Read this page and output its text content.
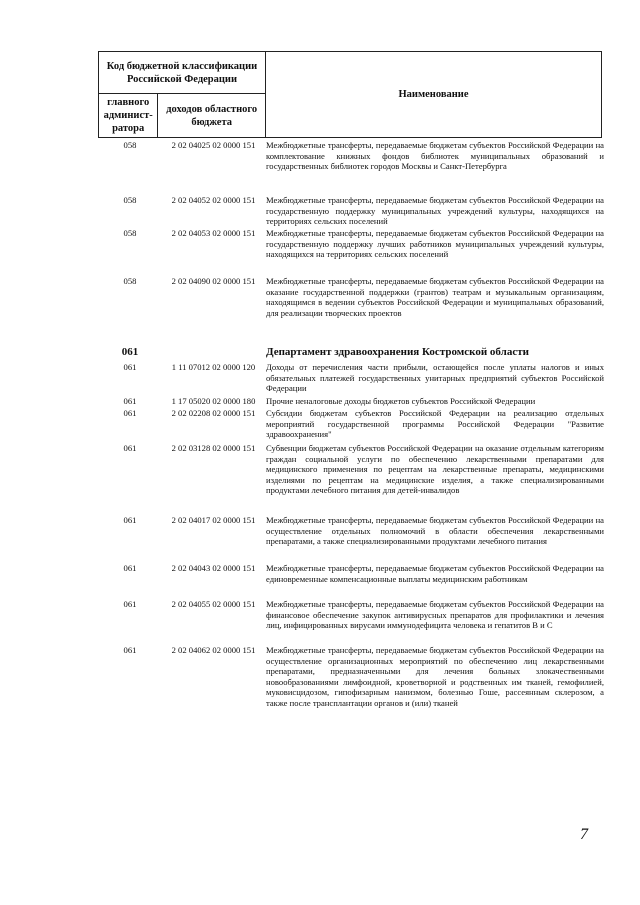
Код бюджетной классификации Российской Федерации		Наименование
главного админист-ратора	доходов областного бюджета	
058	2 02 04025 02 0000 151	Межбюджетные трансферты, передаваемые бюджетам субъектов Российской Федерации на комплектование книжных фондов библиотек муниципальных образований и государственных библиотек городов Москвы и Санкт-Петербурга
058	2 02 04052 02 0000 151	Межбюджетные трансферты, передаваемые бюджетам субъектов Российской Федерации на государственную поддержку муниципальных учреждений культуры, находящихся на территориях сельских поселений
058	2 02 04053 02 0000 151	Межбюджетные трансферты, передаваемые бюджетам субъектов Российской Федерации на государственную поддержку лучших работников муниципальных учреждений культуры, находящихся на территориях сельских поселений
058	2 02 04090 02 0000 151	Межбюджетные трансферты, передаваемые бюджетам субъектов Российской Федерации на оказание государственной поддержки (грантов) театрам и музыкальным организациям, находящимся в ведении субъектов Российской Федерации и муниципальных образований, для реализации творческих проектов
061	Департамент здравоохранения Костромской области
061	1 11 07012 02 0000 120	Доходы от перечисления части прибыли, остающейся после уплаты налогов и иных обязательных платежей государственных унитарных предприятий субъектов Российской Федерации
061	1 17 05020 02 0000 180	Прочие неналоговые доходы бюджетов субъектов Российской Федерации
061	2 02 02208 02 0000 151	Субсидии бюджетам субъектов Российской Федерации на реализацию отдельных мероприятий государственной программы Российской Федерации "Развитие здравоохранения"
061	2 02 03128 02 0000 151	Субвенции бюджетам субъектов Российской Федерации на оказание отдельным категориям граждан социальной услуги по обеспечению лекарственными препаратами для медицинского применения по рецептам на лекарственные препараты, медицинскими изделиями по рецептам на медицинские изделия, а также специализированными продуктами лечебного питания для детей-инвалидов
061	2 02 04017 02 0000 151	Межбюджетные трансферты, передаваемые бюджетам субъектов Российской Федерации на осуществление отдельных полномочий в области обеспечения лекарственными препаратами, а также специализированными продуктами лечебного питания
061	2 02 04043 02 0000 151	Межбюджетные трансферты, передаваемые бюджетам субъектов Российской Федерации на единовременные компенсационные выплаты медицинским работникам
061	2 02 04055 02 0000 151	Межбюджетные трансферты, передаваемые бюджетам субъектов Российской Федерации на финансовое обеспечение закупок антивирусных препаратов для профилактики и лечения лиц, инфицированных вирусами иммунодефицита человека и гепатитов B и C
061	2 02 04062 02 0000 151	Межбюджетные трансферты, передаваемые бюджетам субъектов Российской Федерации на осуществление организационных мероприятий по обеспечению лиц лекарственными препаратами, предназначенными для лечения больных злокачественными новообразованиями лимфоидной, кроветворной и родственных им тканей, гемофилией, муковисцидозом, гипофизарным нанизмом, болезнью Гоше, рассеянным склерозом, а также после трансплантации органов и (или) тканей
7
